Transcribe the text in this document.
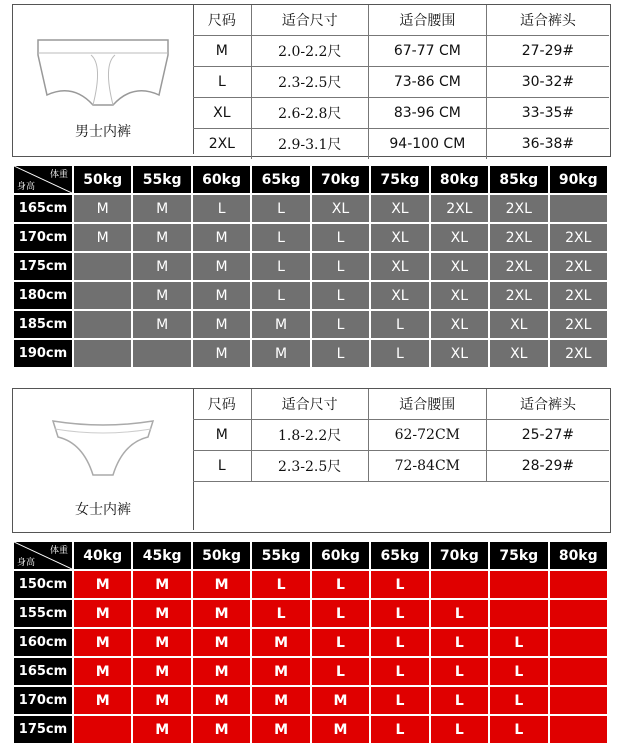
男士内裤
尺码	适合尺寸	适合腰围	适合裤头
M	2.0-2.2尺	67-77 CM	27-29#
L	2.3-2.5尺	73-86 CM	30-32#
XL	2.6-2.8尺	83-96 CM	33-35#
2XL	2.9-3.1尺	94-100 CM	36-38#
体重
身高	50kg	55kg	60kg	65kg	70kg	75kg	80kg	85kg	90kg
165cm	M	M	L	L	XL	XL	2XL	2XL	
170cm	M	M	M	L	L	XL	XL	2XL	2XL
175cm		M	M	L	L	XL	XL	2XL	2XL
180cm		M	M	L	L	XL	XL	2XL	2XL
185cm		M	M	M	L	L	XL	XL	2XL
190cm			M	M	L	L	XL	XL	2XL
女士内裤
尺码	适合尺寸	适合腰围	适合裤头
M	1.8-2.2尺	62-72CM	25-27#
L	2.3-2.5尺	72-84CM	28-29#
体重
身高	40kg	45kg	50kg	55kg	60kg	65kg	70kg	75kg	80kg
150cm	M	M	M	L	L	L			
155cm	M	M	M	L	L	L	L		
160cm	M	M	M	M	L	L	L	L	
165cm	M	M	M	M	L	L	L	L	
170cm	M	M	M	M	M	L	L	L	
175cm		M	M	M	M	L	L	L	
